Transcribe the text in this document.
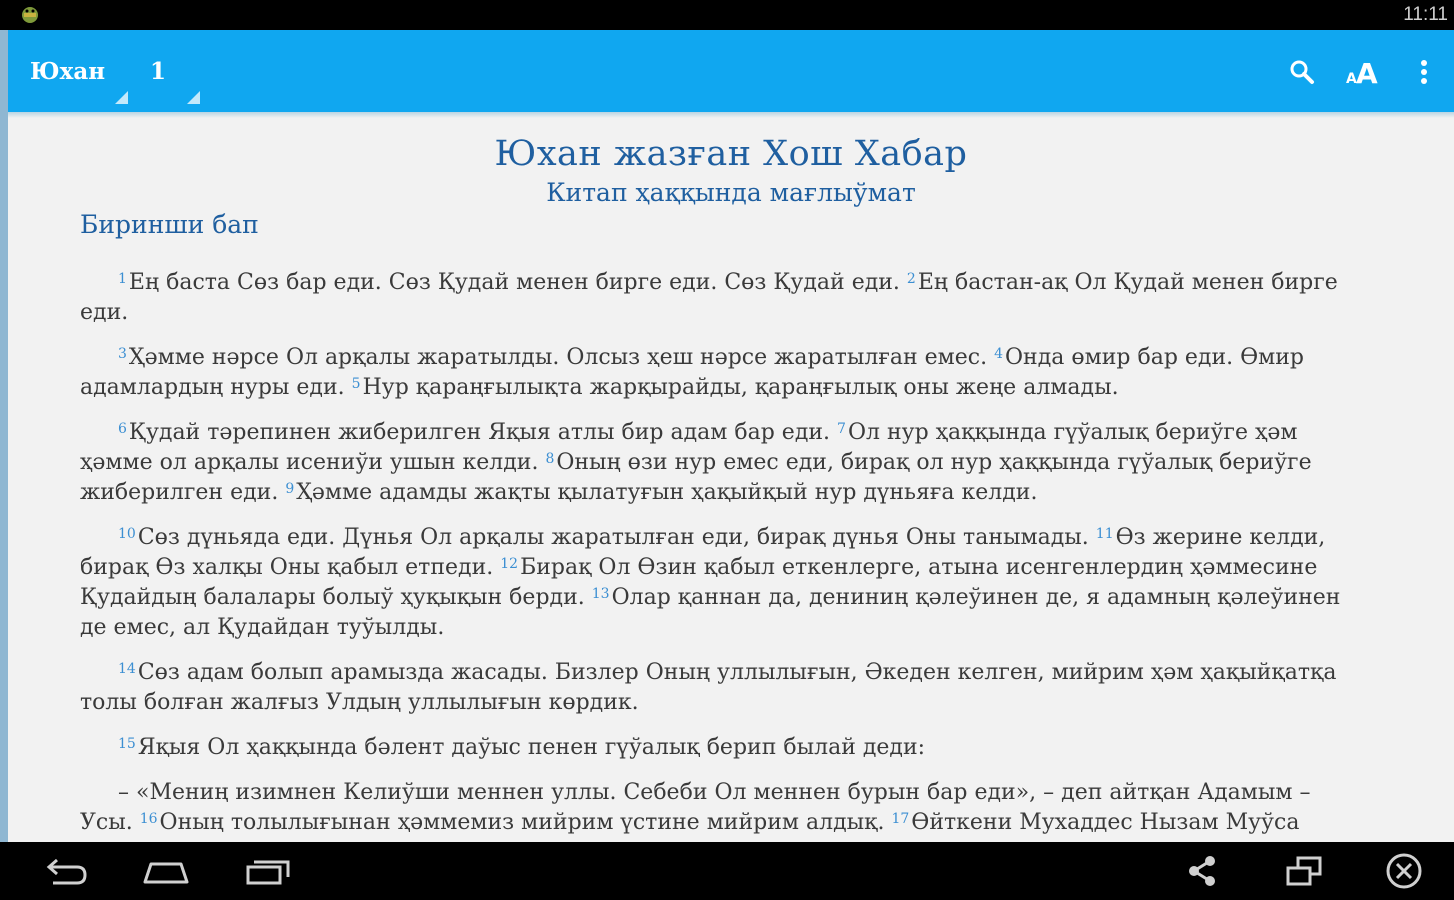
11:11
Юхан 1	A A
Юхан жазған Хош Хабар
Китап ҳаққында мағлыўмат
Биринши бап

$^1$Ең баста Сөз бар еди. Сөз Қудай менен бирге еди. Сөз Қудай еди. $^2$Ең бастан-ақ Ол Қудай менен бирге еди.

$^3$Ҳәмме нәрсе Ол арқалы жаратылды. Олсыз ҳеш нәрсе жаратылған емес. $^4$Онда өмир бар еди. Өмир адамлардың нуры еди. $^5$Нур қараңғылықта жарқырайды, қараңғылық оны жеңе алмады.

$^6$Қудай тәрепинен жиберилген Яқыя атлы бир адам бар еди. $^7$Ол нур ҳаққында гүўалық бериўге ҳәм ҳәмме ол арқалы исениўи ушын келди. $^8$Оның өзи нур емес еди, бирақ ол нур ҳаққында гүўалық бериўге жиберилген еди. $^9$Ҳәмме адамды жақты қылатуғын ҳақыйқый нур дүньяға келди.

$^{10}$Сөз дүньяда еди. Дүнья Ол арқалы жаратылған еди, бирақ дүнья Оны танымады. $^{11}$Өз жерине келди, бирақ Өз халқы Оны қабыл етпеди. $^{12}$Бирақ Ол Өзин қабыл еткенлерге, атына исенгенлердиң ҳәммесине Қудайдың балалары болыў ҳуқықын берди. $^{13}$Олар қаннан да, дениниң қәлеўинен де, я адамның қәлеўинен де емес, ал Қудайдан туўылды.

$^{14}$Сөз адам болып арамызда жасады. Бизлер Оның уллылығын, Әкеден келген, мийрим ҳәм ҳақыйқатқа толы болған жалғыз Улдың уллылығын көрдик.

$^{15}$Яқыя Ол ҳаққында бәлент даўыс пенен гүўалық берип былай деди:

– «Мениң изимнен Келиўши меннен уллы. Себеби Ол меннен бурын бар еди», – деп айтқан Адамым – Усы. $^{16}$Оның толылығынан ҳәммемиз мийрим үстине мийрим алдық. $^{17}$Өйткени Мухаддес Нызам Муўса
